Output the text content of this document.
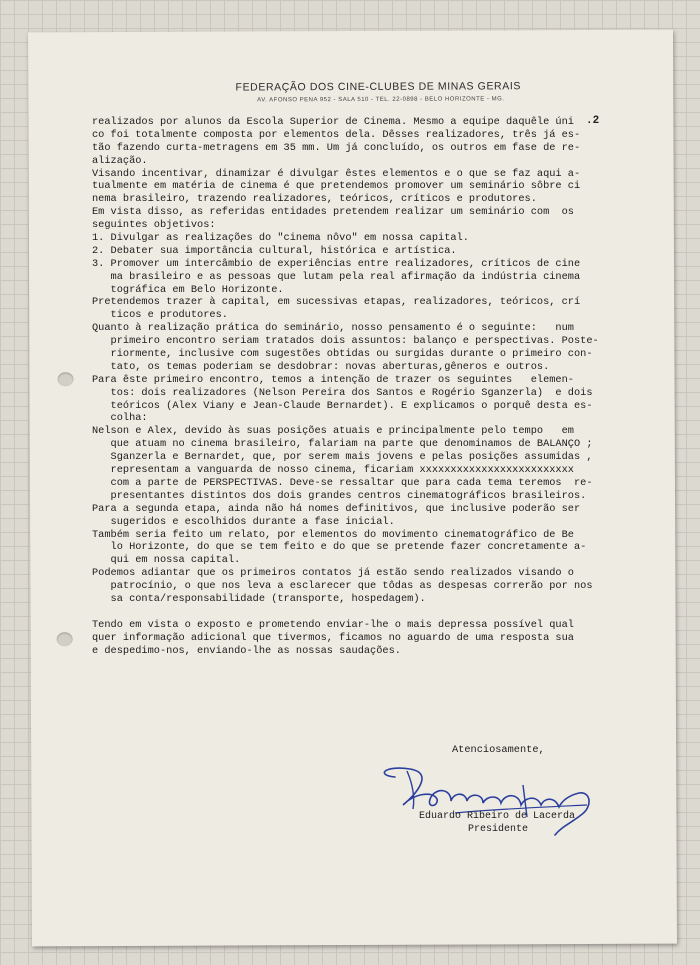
FEDERAÇÃO DOS CINE-CLUBES DE MINAS GERAIS
AV. AFONSO PENA 952 - SALA 510 - TEL. 22-0898 - BELO HORIZONTE - MG.
.2
realizados por alunos da Escola Superior de Cinema. Mesmo a equipe daquêle úni
co foi totalmente composta por elementos dela. Dêsses realizadores, três já es-
tão fazendo curta-metragens em 35 mm. Um já concluído, os outros em fase de re-
alização.
Visando incentivar, dinamizar é divulgar êstes elementos e o que se faz aqui a-
tualmente em matéria de cinema é que pretendemos promover um seminário sôbre ci
nema brasileiro, trazendo realizadores, teóricos, críticos e produtores.
Em vista disso, as referidas entidades pretendem realizar um seminário com  os
seguintes objetivos:
1. Divulgar as realizações do "cinema nôvo" em nossa capital.
2. Debater sua importância cultural, histórica e artística.
3. Promover um intercâmbio de experiências entre realizadores, críticos de cine
ma brasileiro e as pessoas que lutam pela real afirmação da indústria cinema
tográfica em Belo Horizonte.
Pretendemos trazer à capital, em sucessivas etapas, realizadores, teóricos, crí
ticos e produtores.
Quanto à realização prática do seminário, nosso pensamento é o seguinte:   num
primeiro encontro seriam tratados dois assuntos: balanço e perspectivas. Poste-
riormente, inclusive com sugestões obtidas ou surgidas durante o primeiro con-
tato, os temas poderiam se desdobrar: novas aberturas,gêneros e outros.
Para êste primeiro encontro, temos a intenção de trazer os seguintes   elemen-
tos: dois realizadores (Nelson Pereira dos Santos e Rogério Sganzerla)  e dois
teóricos (Alex Viany e Jean-Claude Bernardet). E explicamos o porquê desta es-
colha:
Nelson e Alex, devido às suas posições atuais e principalmente pelo tempo   em
que atuam no cinema brasileiro, falariam na parte que denominamos de BALANÇO ;
Sganzerla e Bernardet, que, por serem mais jovens e pelas posições assumidas ,
representam a vanguarda de nosso cinema, ficariam xxxxxxxxxxxxxxxxxxxxxxxxx
com a parte de PERSPECTIVAS. Deve-se ressaltar que para cada tema teremos  re-
presentantes distintos dos dois grandes centros cinematográficos brasileiros.
Para a segunda etapa, ainda não há nomes definitivos, que inclusive poderão ser
sugeridos e escolhidos durante a fase inicial.
Também seria feito um relato, por elementos do movimento cinematográfico de Be
lo Horizonte, do que se tem feito e do que se pretende fazer concretamente a-
qui em nossa capital.
Podemos adiantar que os primeiros contatos já estão sendo realizados visando o
patrocínio, o que nos leva a esclarecer que tôdas as despesas correrão por nos
sa conta/responsabilidade (transporte, hospedagem).
Tendo em vista o exposto e prometendo enviar-lhe o mais depressa possível qual
quer informação adicional que tivermos, ficamos no aguardo de uma resposta sua
e despedimo-nos, enviando-lhe as nossas saudações.
Atenciosamente,
Eduardo Ribeiro de Lacerda
Presidente
